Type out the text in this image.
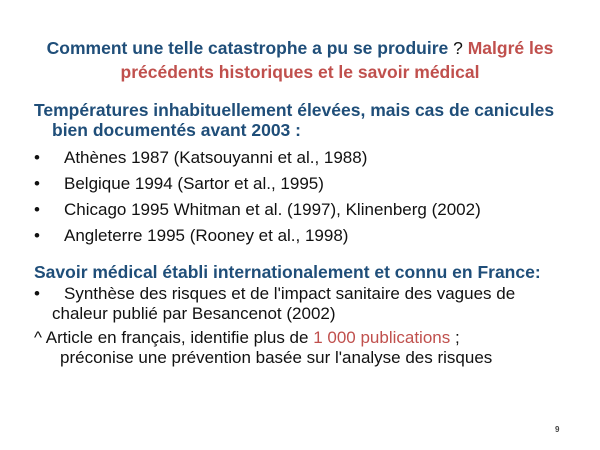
Comment une telle catastrophe a pu se produire ? Malgré les précédents historiques et le savoir médical
Températures inhabituellement élevées, mais cas de canicules
bien documentés avant 2003 :
• Athènes 1987 (Katsouyanni et al., 1988)
• Belgique 1994 (Sartor et al., 1995)
• Chicago 1995 Whitman et al. (1997), Klinenberg (2002)
• Angleterre 1995 (Rooney et al., 1998)
Savoir médical établi internationalement et connu en France:
• Synthèse des risques et de l'impact sanitaire des vagues de
chaleur publié par Besancenot (2002)
^ Article en français, identifie plus de 1 000 publications ;
préconise une prévention basée sur l'analyse des risques
9
